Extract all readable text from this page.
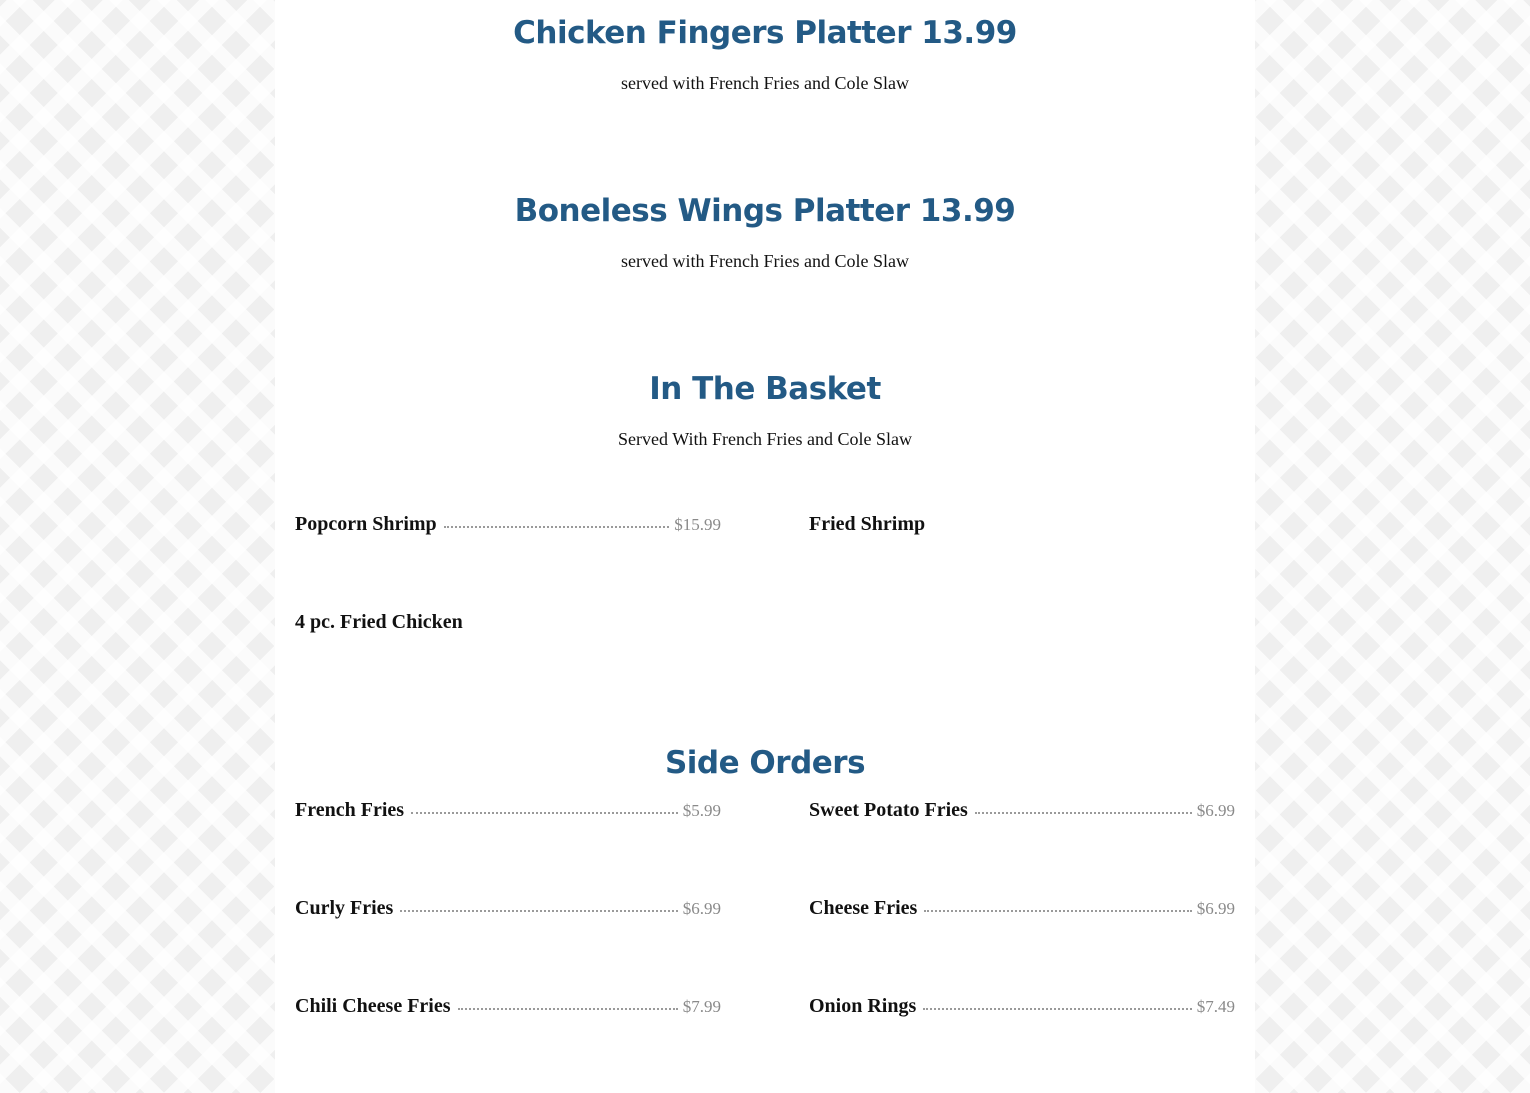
Chicken Fingers Platter 13.99
served with French Fries and Cole Slaw
Boneless Wings Platter 13.99
served with French Fries and Cole Slaw
In The Basket
Served With French Fries and Cole Slaw
Popcorn Shrimp	$15.99	Fried Shrimp
4 pc. Fried Chicken
Side Orders
French Fries	$5.99	Sweet Potato Fries	$6.99
Curly Fries	$6.99	Cheese Fries	$6.99
Chili Cheese Fries	$7.99	Onion Rings	$7.49
